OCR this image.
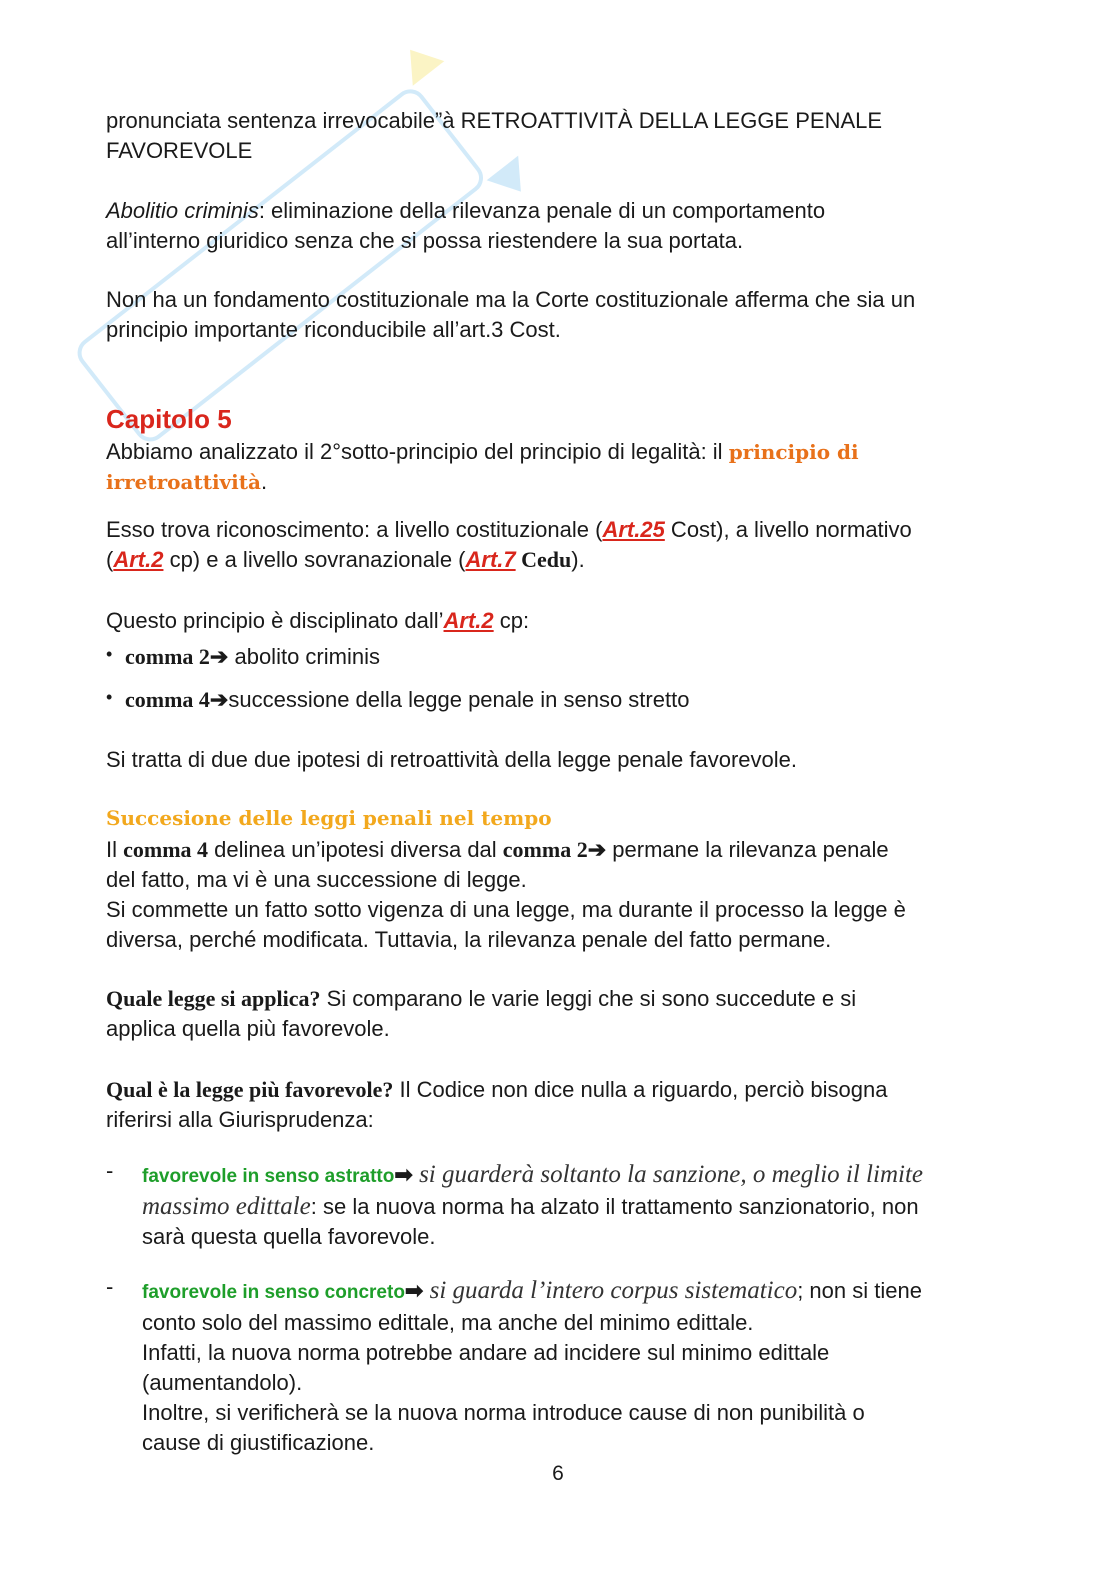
pronunciata sentenza irrevocabile”à RETROATTIVITÀ DELLA LEGGE PENALE
FAVOREVOLE
Abolitio criminis: eliminazione della rilevanza penale di un comportamento
all’interno giuridico senza che si possa riestendere la sua portata.
Non ha un fondamento costituzionale ma la Corte costituzionale afferma che sia un
principio importante riconducibile all’art.3 Cost.
Capitolo 5
Abbiamo analizzato il 2°sotto-principio del principio di legalità: il principio di
irretroattività.
Esso trova riconoscimento: a livello costituzionale (Art.25 Cost), a livello normativo
(Art.2 cp) e a livello sovranazionale (Art.7 Cedu).
Questo principio è disciplinato dall’Art.2 cp:
• comma 2➔ abolito criminis
• comma 4➔successione della legge penale in senso stretto
Si tratta di due due ipotesi di retroattività della legge penale favorevole.
Succesione delle leggi penali nel tempo
Il comma 4 delinea un’ipotesi diversa dal comma 2➔ permane la rilevanza penale
del fatto, ma vi è una successione di legge.
Si commette un fatto sotto vigenza di una legge, ma durante il processo la legge è
diversa, perché modificata. Tuttavia, la rilevanza penale del fatto permane.
Quale legge si applica? Si comparano le varie leggi che si sono succedute e si
applica quella più favorevole.
Qual è la legge più favorevole? Il Codice non dice nulla a riguardo, perciò bisogna
riferirsi alla Giurisprudenza:
- favorevole in senso astratto➡ si guarderà soltanto la sanzione, o meglio il limite
massimo edittale: se la nuova norma ha alzato il trattamento sanzionatorio, non
sarà questa quella favorevole.
- favorevole in senso concreto➡ si guarda l’intero corpus sistematico; non si tiene
conto solo del massimo edittale, ma anche del minimo edittale.
Infatti, la nuova norma potrebbe andare ad incidere sul minimo edittale
(aumentandolo).
Inoltre, si verificherà se la nuova norma introduce cause di non punibilità o
cause di giustificazione.
6
